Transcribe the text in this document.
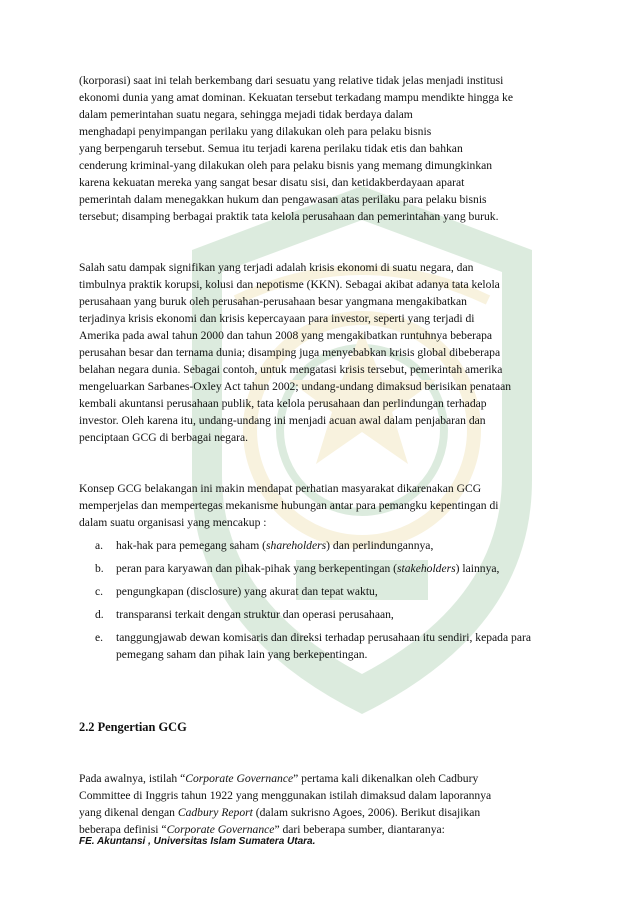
(korporasi) saat ini telah berkembang dari sesuatu yang relative tidak jelas menjadi institusi
ekonomi dunia yang amat dominan. Kekuatan tersebut terkadang mampu mendikte hingga ke
dalam pemerintahan suatu negara, sehingga mejadi tidak berdaya dalam
menghadapi penyimpangan perilaku yang dilakukan oleh para pelaku bisnis
yang berpengaruh tersebut. Semua itu terjadi karena perilaku tidak etis dan bahkan
cenderung kriminal-yang dilakukan oleh para pelaku bisnis yang memang dimungkinkan
karena kekuatan mereka yang sangat besar disatu sisi, dan ketidakberdayaan aparat
pemerintah dalam menegakkan hukum dan pengawasan atas perilaku para pelaku bisnis
tersebut; disamping berbagai praktik tata kelola perusahaan dan pemerintahan yang buruk.
Salah satu dampak signifikan yang terjadi adalah krisis ekonomi di suatu negara, dan
timbulnya praktik korupsi, kolusi dan nepotisme (KKN). Sebagai akibat adanya tata kelola
perusahaan yang buruk oleh perusahan-perusahaan besar yangmana mengakibatkan
terjadinya krisis ekonomi dan krisis kepercayaan para investor, seperti yang terjadi di
Amerika pada awal tahun 2000 dan tahun 2008 yang mengakibatkan runtuhnya beberapa
perusahan besar dan ternama dunia; disamping juga menyebabkan krisis global dibeberapa
belahan negara dunia. Sebagai contoh, untuk mengatasi krisis tersebut, pemerintah amerika
mengeluarkan Sarbanes-Oxley Act tahun 2002; undang-undang dimaksud berisikan penataan
kembali akuntansi perusahaan publik, tata kelola perusahaan dan perlindungan terhadap
investor. Oleh karena itu, undang-undang ini menjadi acuan awal dalam penjabaran dan
penciptaan GCG di berbagai negara.
Konsep GCG belakangan ini makin mendapat perhatian masyarakat dikarenakan GCG
memperjelas dan mempertegas mekanisme hubungan antar para pemangku kepentingan di
dalam suatu organisasi yang mencakup :
a.	hak-hak para pemegang saham (shareholders) dan perlindungannya,
b.	peran para karyawan dan pihak-pihak yang berkepentingan (stakeholders) lainnya,
c.	pengungkapan (disclosure) yang akurat dan tepat waktu,
d.	transparansi terkait dengan struktur dan operasi perusahaan,
e.	tanggungjawab dewan komisaris dan direksi terhadap perusahaan itu sendiri, kepada para pemegang saham dan pihak lain yang berkepentingan.
2.2 Pengertian GCG
Pada awalnya, istilah “Corporate Governance” pertama kali dikenalkan oleh Cadbury
Committee di Inggris tahun 1922 yang menggunakan istilah dimaksud dalam laporannya
yang dikenal dengan Cadbury Report (dalam sukrisno Agoes, 2006). Berikut disajikan
beberapa definisi “Corporate Governance” dari beberapa sumber, diantaranya:
FE. Akuntansi , Universitas Islam Sumatera Utara.
